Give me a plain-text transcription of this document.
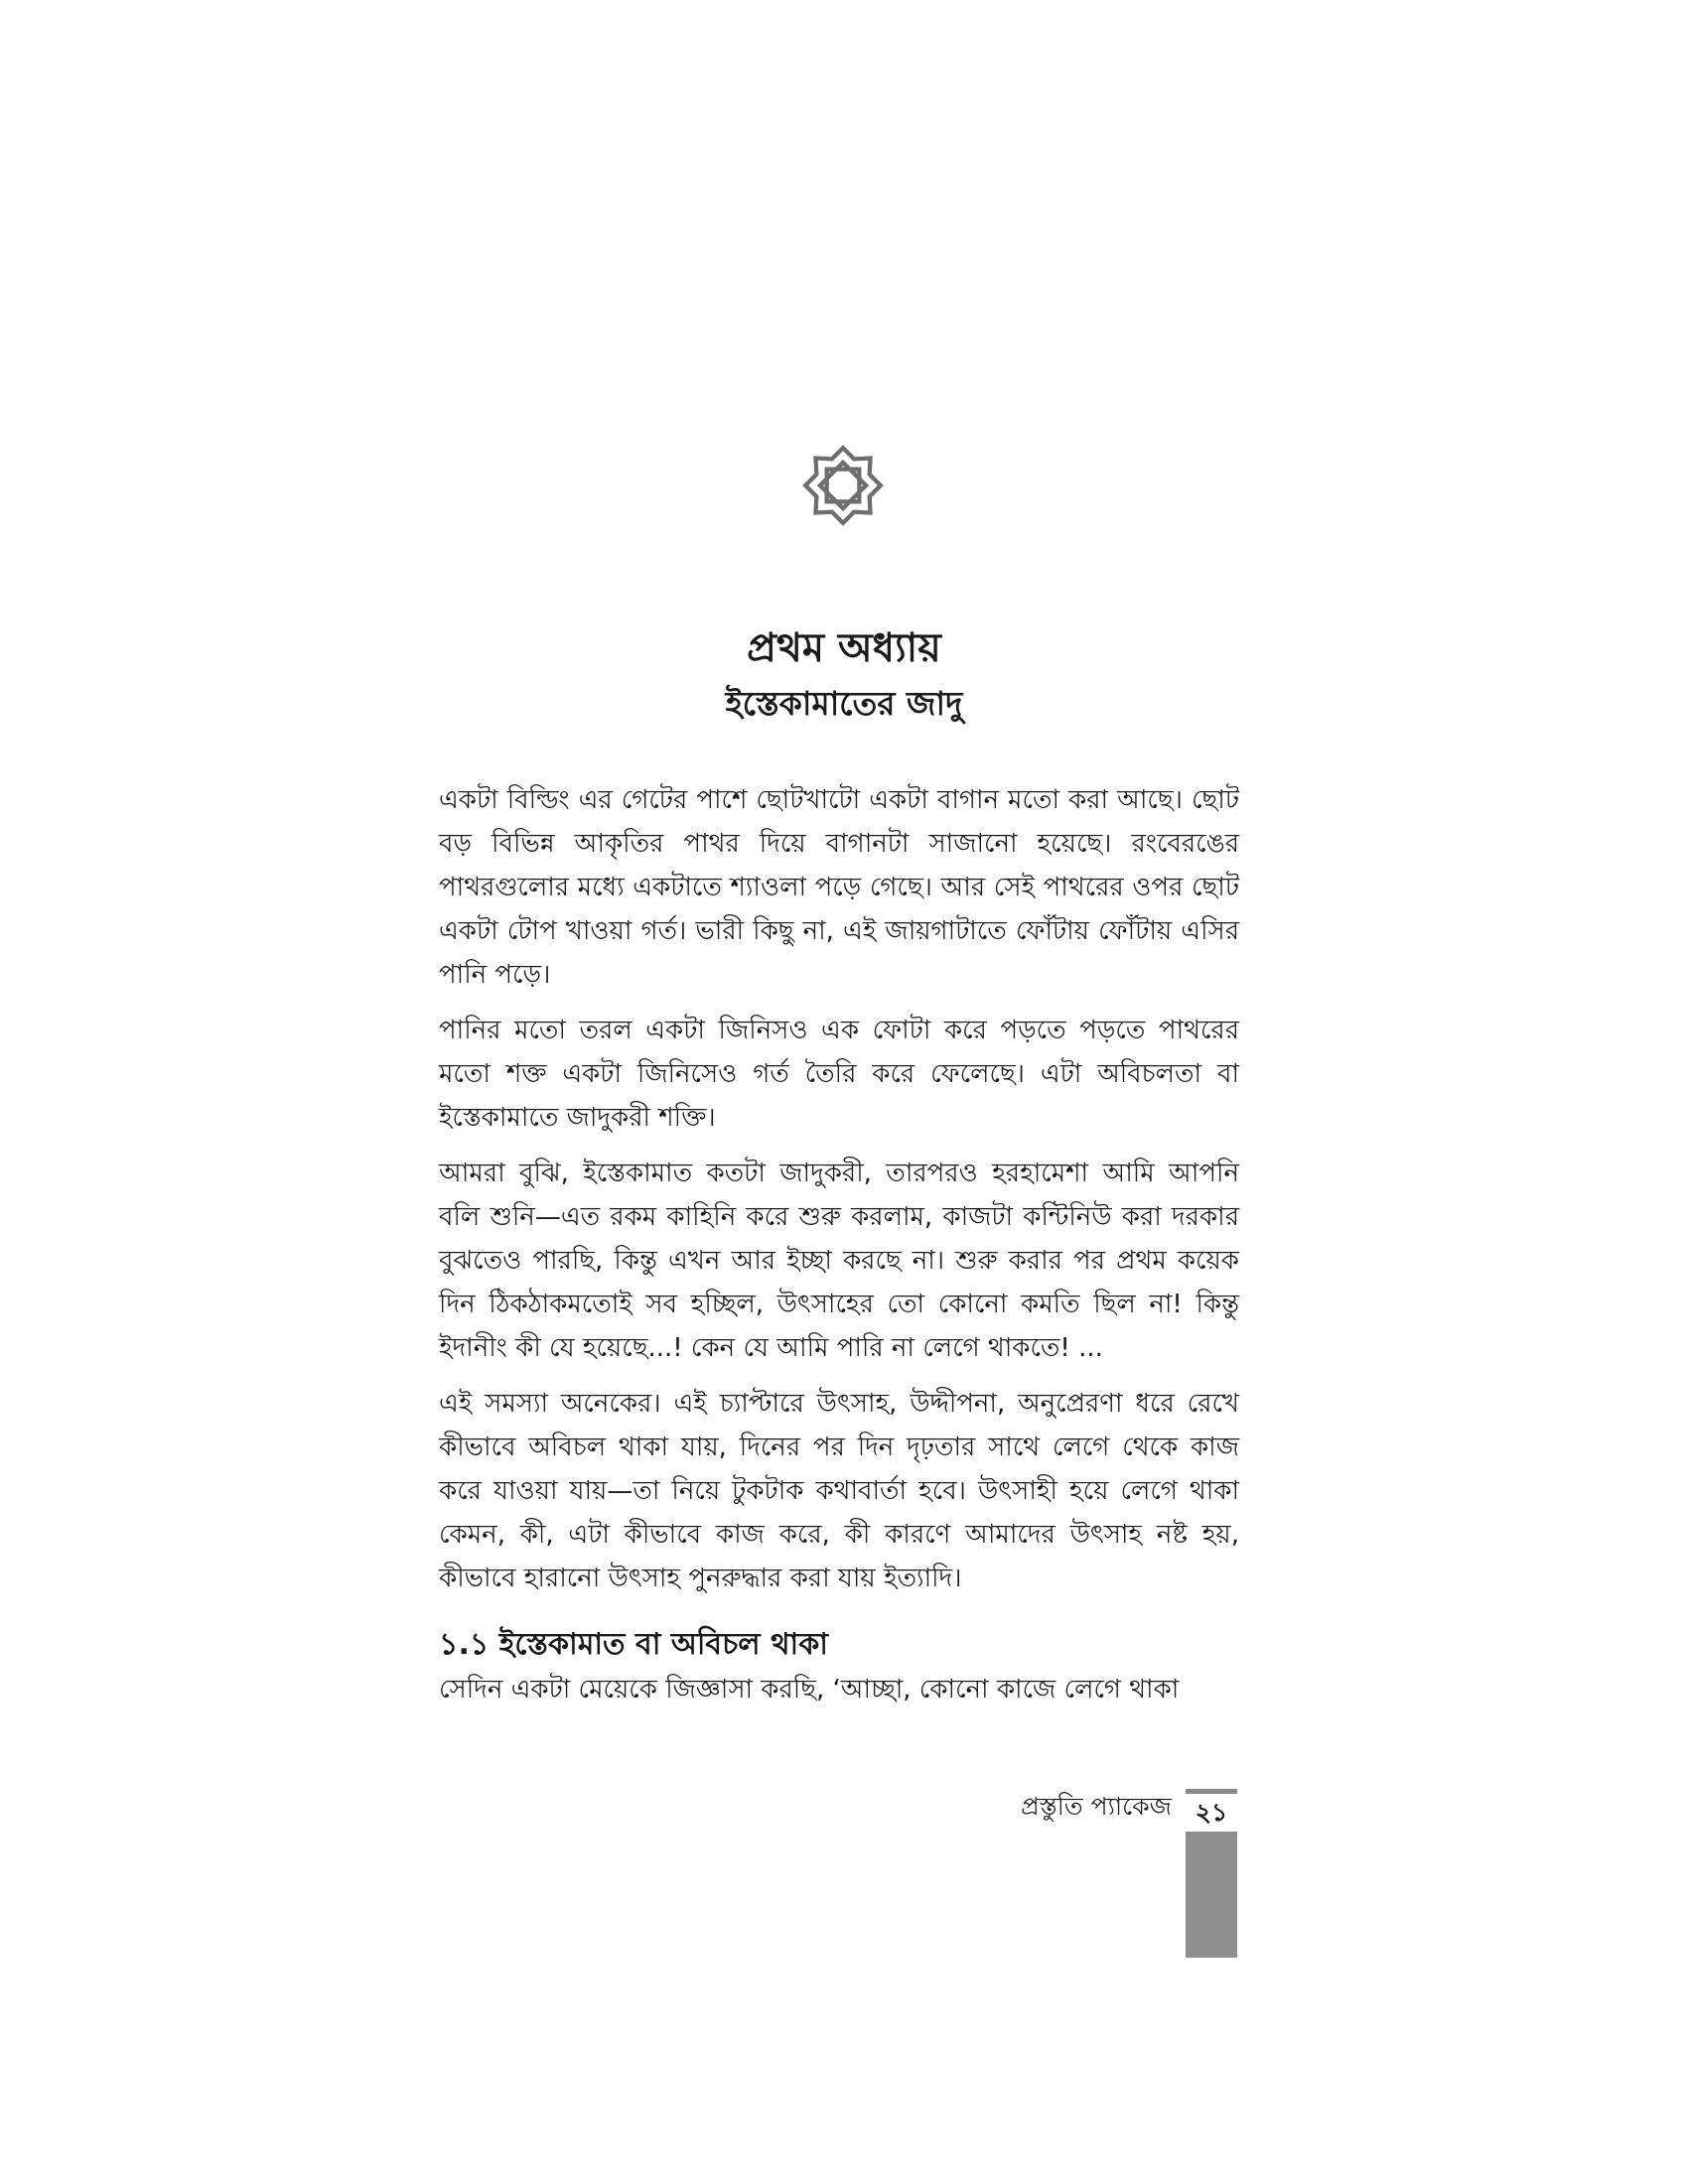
প্রথম অধ্যায়
ইস্তেকামাতের জাদু

একটা বিল্ডিং এর গেটের পাশে ছোটখাটো একটা বাগান মতো করা আছে। ছোট বড় বিভিন্ন আকৃতির পাথর দিয়ে বাগানটা সাজানো হয়েছে। রংবেরঙের পাথরগুলোর মধ্যে একটাতে শ্যাওলা পড়ে গেছে। আর সেই পাথরের ওপর ছোট একটা টোপ খাওয়া গর্ত। ভারী কিছু না, এই জায়গাটাতে ফোঁটায় ফোঁটায় এসির পানি পড়ে।

পানির মতো তরল একটা জিনিসও এক ফোটা করে পড়তে পড়তে পাথরের মতো শক্ত একটা জিনিসেও গর্ত তৈরি করে ফেলেছে। এটা অবিচলতা বা ইস্তেকামাতে জাদুকরী শক্তি।

আমরা বুঝি, ইস্তেকামাত কতটা জাদুকরী, তারপরও হরহামেশা আমি আপনি বলি শুনি—এত রকম কাহিনি করে শুরু করলাম, কাজটা কন্টিনিউ করা দরকার বুঝতেও পারছি, কিন্তু এখন আর ইচ্ছা করছে না। শুরু করার পর প্রথম কয়েক দিন ঠিকঠাকমতোই সব হচ্ছিল, উৎসাহের তো কোনো কমতি ছিল না! কিন্তু ইদানীং কী যে হয়েছে...! কেন যে আমি পারি না লেগে থাকতে! ...

এই সমস্যা অনেকের। এই চ্যাপ্টারে উৎসাহ, উদ্দীপনা, অনুপ্রেরণা ধরে রেখে কীভাবে অবিচল থাকা যায়, দিনের পর দিন দৃঢ়তার সাথে লেগে থেকে কাজ করে যাওয়া যায়—তা নিয়ে টুকটাক কথাবার্তা হবে। উৎসাহী হয়ে লেগে থাকা কেমন, কী, এটা কীভাবে কাজ করে, কী কারণে আমাদের উৎসাহ নষ্ট হয়, কীভাবে হারানো উৎসাহ পুনরুদ্ধার করা যায় ইত্যাদি।

১.১ ইস্তেকামাত বা অবিচল থাকা

সেদিন একটা মেয়েকে জিজ্ঞাসা করছি, ‘আচ্ছা, কোনো কাজে লেগে থাকা

প্রস্তুতি প্যাকেজ ২১
